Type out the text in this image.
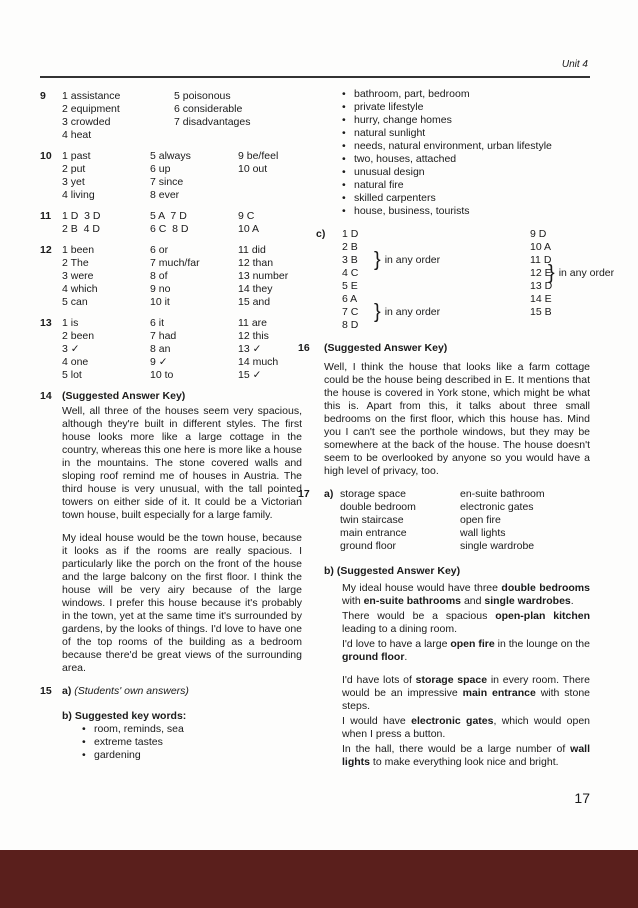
Unit 4
9	1 assistance	5 poisonous
2 equipment	6 considerable
3 crowded	7 disadvantages
4 heat
10 1 past	5 always	9 be/feel
2 put	6 up	10 out
3 yet	7 since
4 living	8 ever
11	1 D  3 D	5 A  7 D	9 C
2 B  4 D	6 C  8 D	10 A
12 1 been	6 or	11 did
2 The	7 much/far	12 than
3 were	8 of	13 number
4 which	9 no	14 they
5 can	10 it	15 and
13 1 is	6 it	11 are
2 been	7 had	12 this
3 ✓	8 an	13 ✓
4 one	9 ✓	14 much
5 lot	10 to	15 ✓
14 (Suggested Answer Key)

Well, all three of the houses seem very spacious, although they're built in different styles. The first house looks more like a large cottage in the country, whereas this one here is more like a house in the mountains. The stone covered walls and sloping roof remind me of houses in Austria. The third house is very unusual, with the tall pointed towers on either side of it. It could be a Victorian town house, built especially for a large family.

My ideal house would be the town house, because it looks as if the rooms are really spacious. I particularly like the porch on the front of the house and the large balcony on the first floor. I think the house will be very airy because of the large windows. I prefer this house because it's probably in the town, yet at the same time it's surrounded by gardens, by the looks of things. I'd love to have one of the top rooms of the building as a bedroom because there'd be great views of the surrounding area.

15 a) (Students' own answers)
b) Suggested key words:
• room, reminds, sea
• extreme tastes
• gardening
• bathroom, part, bedroom
• private lifestyle
• hurry, change homes
• natural sunlight
• needs, natural environment, urban lifestyle
• two, houses, attached
• unusual design
• natural fire
• skilled carpenters
• house, business, tourists
c)	1 D
2 B
3 B
4 C
5 E
6 A
7 C
8 D
} in any order
} in any order
9 D
10 A
11 D
12 E
13 D
14 E
15 B
} in any order
16	(Suggested Answer Key)

Well, I think the house that looks like a farm cottage could be the house being described in E. It mentions that the house is covered in York stone, which might be what this is. Apart from this, it talks about three small bedrooms on the first floor, which this house has. Mind you I can't see the porthole windows, but they may be somewhere at the back of the house. The house doesn't seem to be overlooked by anyone so you would have a high level of privacy, too.

17	a) storage space	en-suite bathroom
double bedroom	electronic gates
twin staircase	open fire
main entrance	wall lights
ground floor	single wardrobe
b) (Suggested Answer Key)

My ideal house would have three double bedrooms with en-suite bathrooms and single wardrobes.

There would be a spacious open-plan kitchen leading to a dining room.

I'd love to have a large open fire in the lounge on the ground floor.

I'd have lots of storage space in every room. There would be an impressive main entrance with stone steps.

I would have electronic gates, which would open when I press a button.

In the hall, there would be a large number of wall lights to make everything look nice and bright.

17
